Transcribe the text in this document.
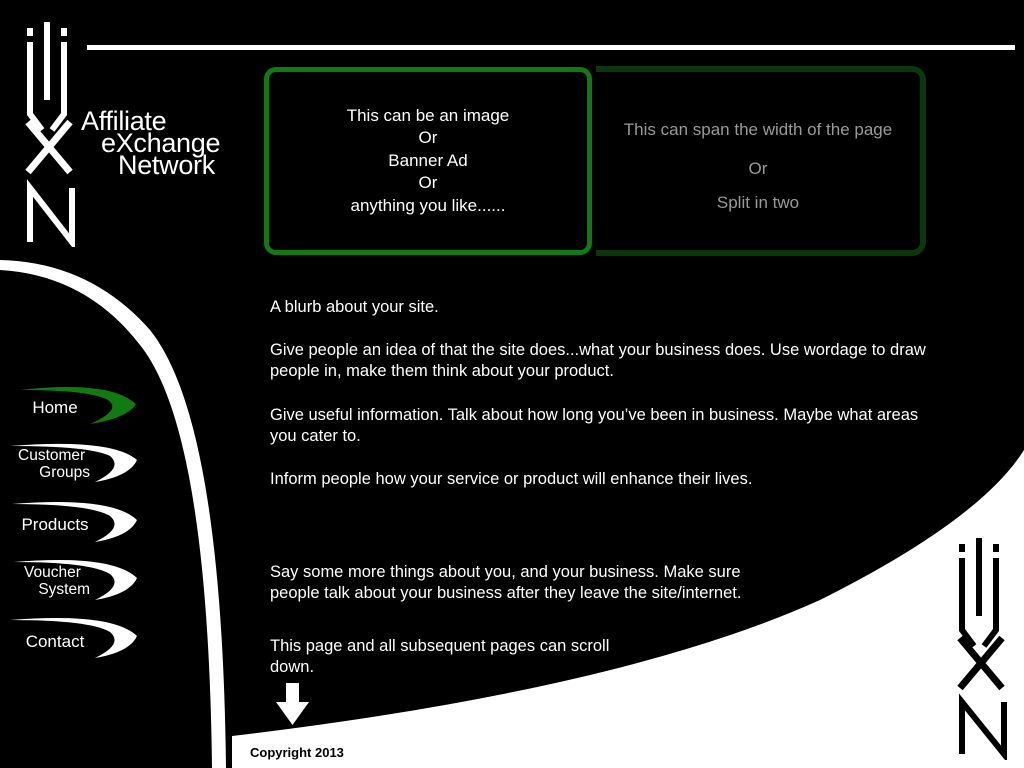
Affiliate
eXchange
Network
This can span the width of the page
Or
Split in two
This can be an image
Or
Banner Ad
Or
anything you like......
Home
Customer
Groups
Products
Voucher
System
Contact

A blurb about your site.

Give people an idea of that the site does...what your business does. Use wordage to draw

people in, make them think about your product.

Give useful information. Talk about how long you’ve been in business. Maybe what areas

you cater to.

Inform people how your service or product will enhance their lives.

Say some more things about you, and your business. Make sure

people talk about your business after they leave the site/internet.

This page and all subsequent pages can scroll

down.

Copyright 2013
